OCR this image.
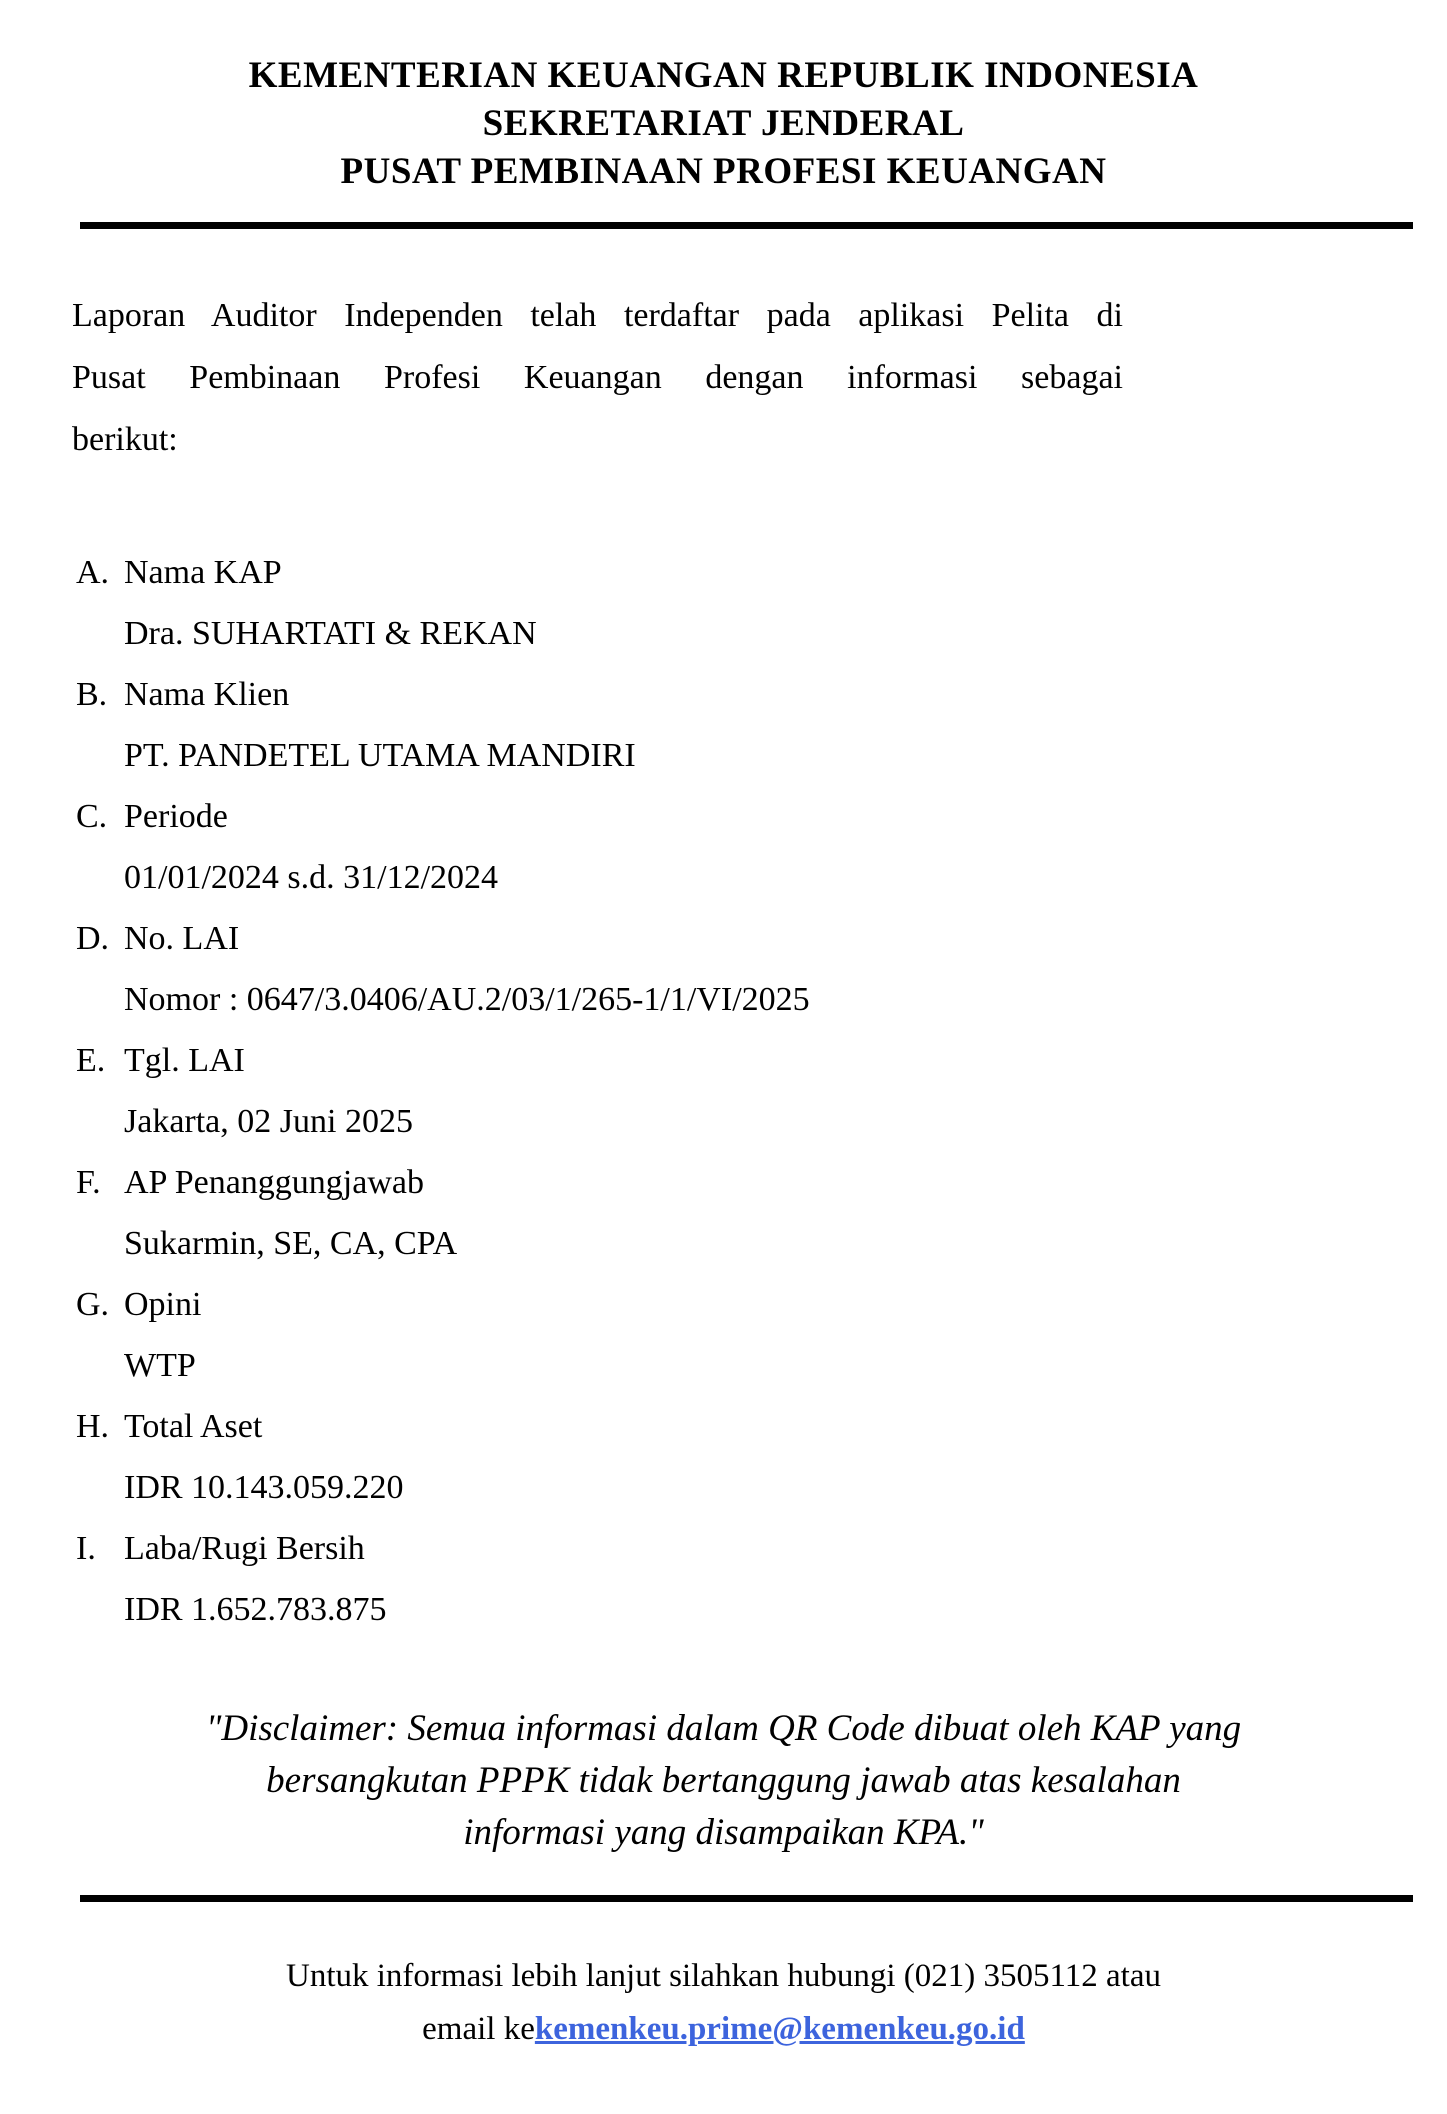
KEMENTERIAN KEUANGAN REPUBLIK INDONESIA
SEKRETARIAT JENDERAL
PUSAT PEMBINAAN PROFESI KEUANGAN
Laporan Auditor Independen telah terdaftar pada aplikasi Pelita di
Pusat Pembinaan Profesi Keuangan dengan informasi sebagai
berikut:
A. Nama KAP
Dra. SUHARTATI & REKAN
B. Nama Klien
PT. PANDETEL UTAMA MANDIRI
C. Periode
01/01/2024 s.d. 31/12/2024
D. No. LAI
Nomor : 0647/3.0406/AU.2/03/1/265-1/1/VI/2025
E. Tgl. LAI
Jakarta, 02 Juni 2025
F. AP Penanggungjawab
Sukarmin, SE, CA, CPA
G. Opini
WTP
H. Total Aset
IDR 10.143.059.220
I. Laba/Rugi Bersih
IDR 1.652.783.875
"Disclaimer: Semua informasi dalam QR Code dibuat oleh KAP yang
bersangkutan PPPK tidak bertanggung jawab atas kesalahan
informasi yang disampaikan KPA."
Untuk informasi lebih lanjut silahkan hubungi (021) 3505112 atau
email kekemenkeu.prime@kemenkeu.go.id
